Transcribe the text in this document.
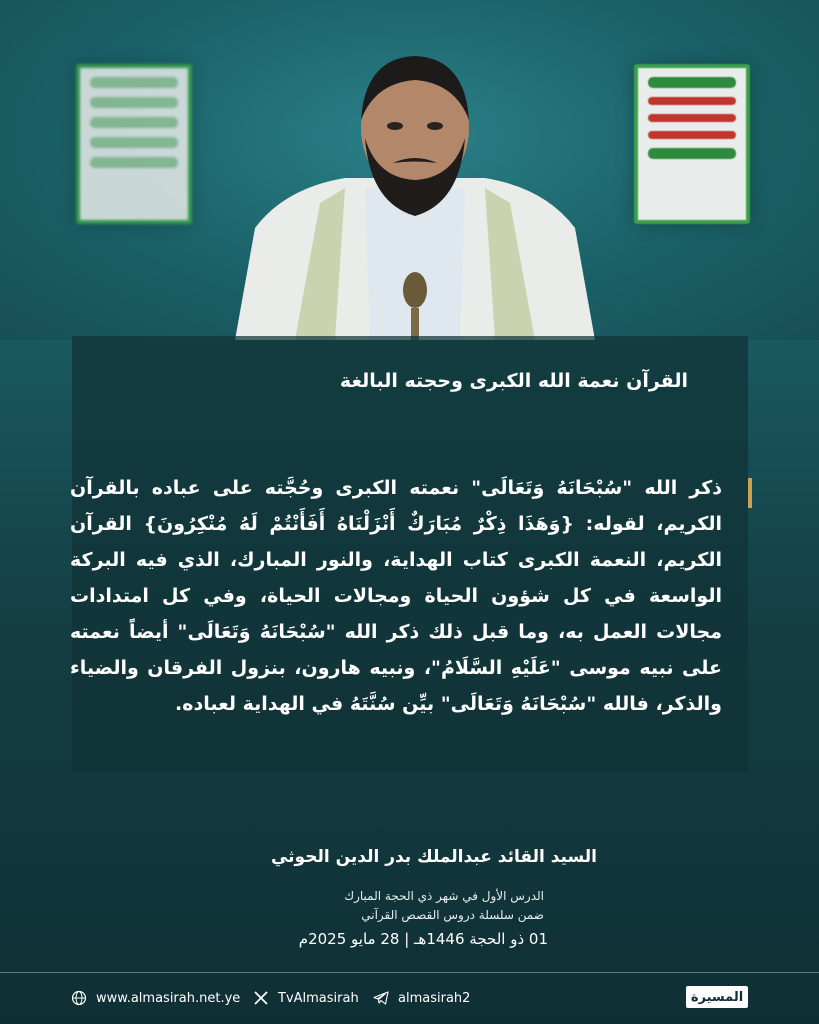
القرآن نعمة الله الكبرى وحجته البالغة
ذكر الله "سُبْحَانَهُ وَتَعَالَى" نعمته الكبرى وحُجَّته على عباده بالقرآن الكريم، لقوله: {وَهَذَا ذِكْرٌ مُبَارَكٌ أَنْزَلْنَاهُ أَفَأَنْتُمْ لَهُ مُنْكِرُونَ} القرآن الكريم، النعمة الكبرى كتاب الهداية، والنور المبارك، الذي فيه البركة الواسعة في كل شؤون الحياة ومجالات الحياة، وفي كل امتدادات مجالات العمل به، وما قبل ذلك ذكر الله "سُبْحَانَهُ وَتَعَالَى" أيضاً نعمته على نبيه موسى "عَلَيْهِ السَّلَامُ"، ونبيه هارون، بنزول الفرقان والضياء والذكر، فالله "سُبْحَانَهُ وَتَعَالَى" بيِّن سُنَّتَهُ في الهداية لعباده.
السيد القائد عبدالملك بدر الدين الحوثي
الدرس الأول في شهر ذي الحجة المبارك
ضمن سلسلة دروس القصص القرآني
01 ذو الحجة 1446هـ | 28 مايو 2025م
www.almasirah.net.ye	TvAlmasirah	almasirah2	المسيرة
